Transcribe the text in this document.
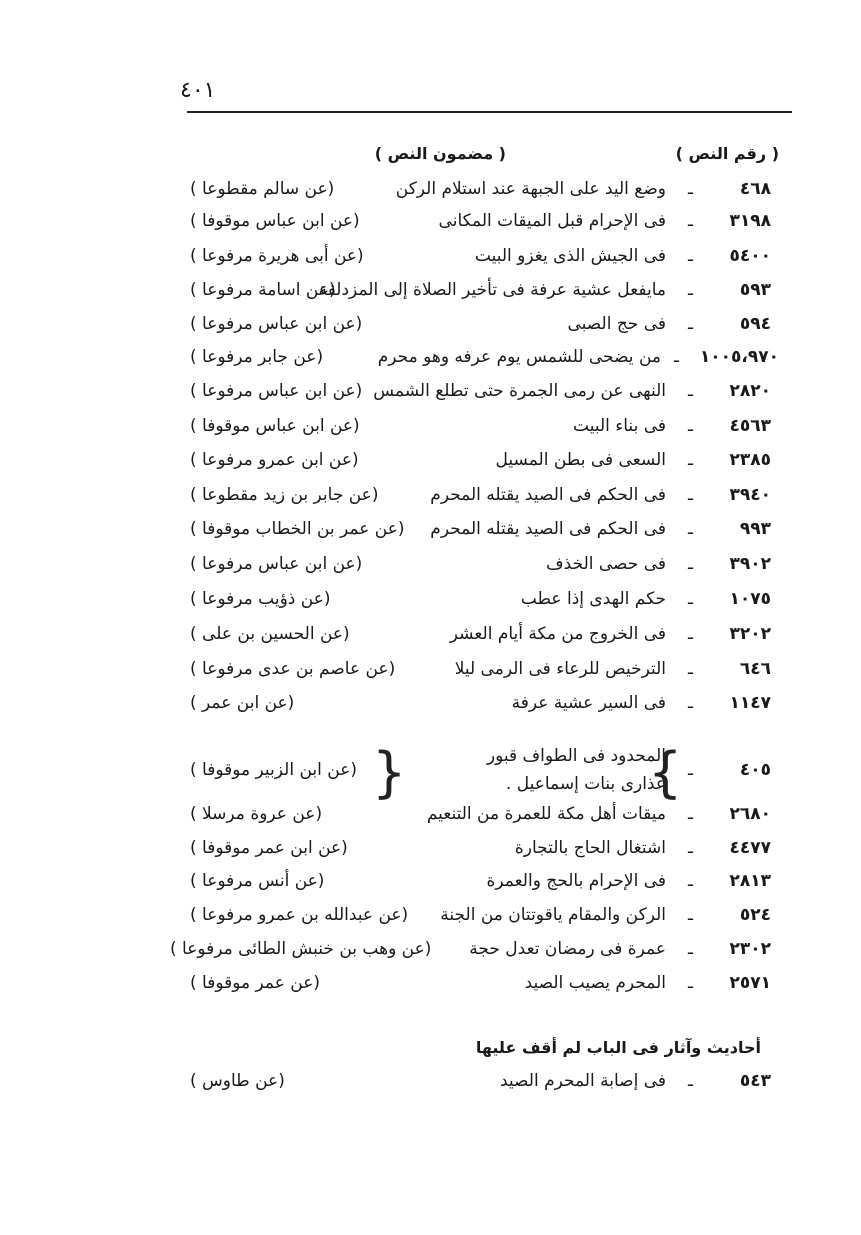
٤٠١
( رقم النص )
( مضمون النص )
٤٦٨
ـ
وضع اليد على الجبهة عند استلام الركن
(عن سالم مقطوعا )
٣١٩٨
ـ
فى الإحرام قبل الميقات المكانى
(عن ابن عباس موقوفا )
٥٤٠٠
ـ
فى الجيش الذى يغزو البيت
(عن أبى هريرة مرفوعا )
٥٩٣
ـ
مايفعل عشية عرفة فى تأخير الصلاة إلى المزدلفة
(عن اسامة مرفوعا )
٥٩٤
ـ
فى حج الصبى
(عن ابن عباس مرفوعا )
١٠٠٥،٩٧٠
ـ
من يضحى للشمس يوم عرفه وهو محرم
(عن جابر مرفوعا )
٢٨٢٠
ـ
النهى عن رمى الجمرة حتى تطلع الشمس
(عن ابن عباس مرفوعا )
٤٥٦٣
ـ
فى بناء البيت
(عن ابن عباس موقوفا )
٢٣٨٥
ـ
السعى فى بطن المسيل
(عن ابن عمرو مرفوعا )
٣٩٤٠
ـ
فى الحكم فى الصيد يقتله المحرم
(عن جابر بن زيد مقطوعا )
٩٩٣
ـ
فى الحكم فى الصيد يقتله المحرم
(عن عمر بن الخطاب موقوفا )
٣٩٠٢
ـ
فى حصى الخذف
(عن ابن عباس مرفوعا )
١٠٧٥
ـ
حكم الهدى إذا عطب
(عن ذؤيب مرفوعا )
٣٢٠٢
ـ
فى الخروج من مكة أيام العشر
(عن الحسين بن على )
٦٤٦
ـ
الترخيص للرعاء فى الرمى ليلا
(عن عاصم بن عدى مرفوعا )
١١٤٧
ـ
فى السير عشية عرفة
(عن ابن عمر )
٤٠٥
ـ
المحدود فى الطواف قبور
عذارى بنات إسماعيل .
(عن ابن الزبير موقوفا )	{
}
٢٦٨٠
ـ
ميقات أهل مكة للعمرة من التنعيم
(عن عروة مرسلا )
٤٤٧٧
ـ
اشتغال الحاج بالتجارة
(عن ابن عمر موقوفا )
٢٨١٣
ـ
فى الإحرام بالحج والعمرة
(عن أنس مرفوعا )
٥٢٤
ـ
الركن والمقام ياقوتتان من الجنة
(عن عبدالله بن عمرو مرفوعا )
٢٣٠٢
ـ
عمرة فى رمضان تعدل حجة
(عن وهب بن خنبش الطائى مرفوعا )
٢٥٧١
ـ
المحرم يصيب الصيد
(عن عمر موقوفا )
أحاديث وآثار فى الباب لم أقف عليها
٥٤٣
ـ
فى إصابة المحرم الصيد
(عن طاوس )
